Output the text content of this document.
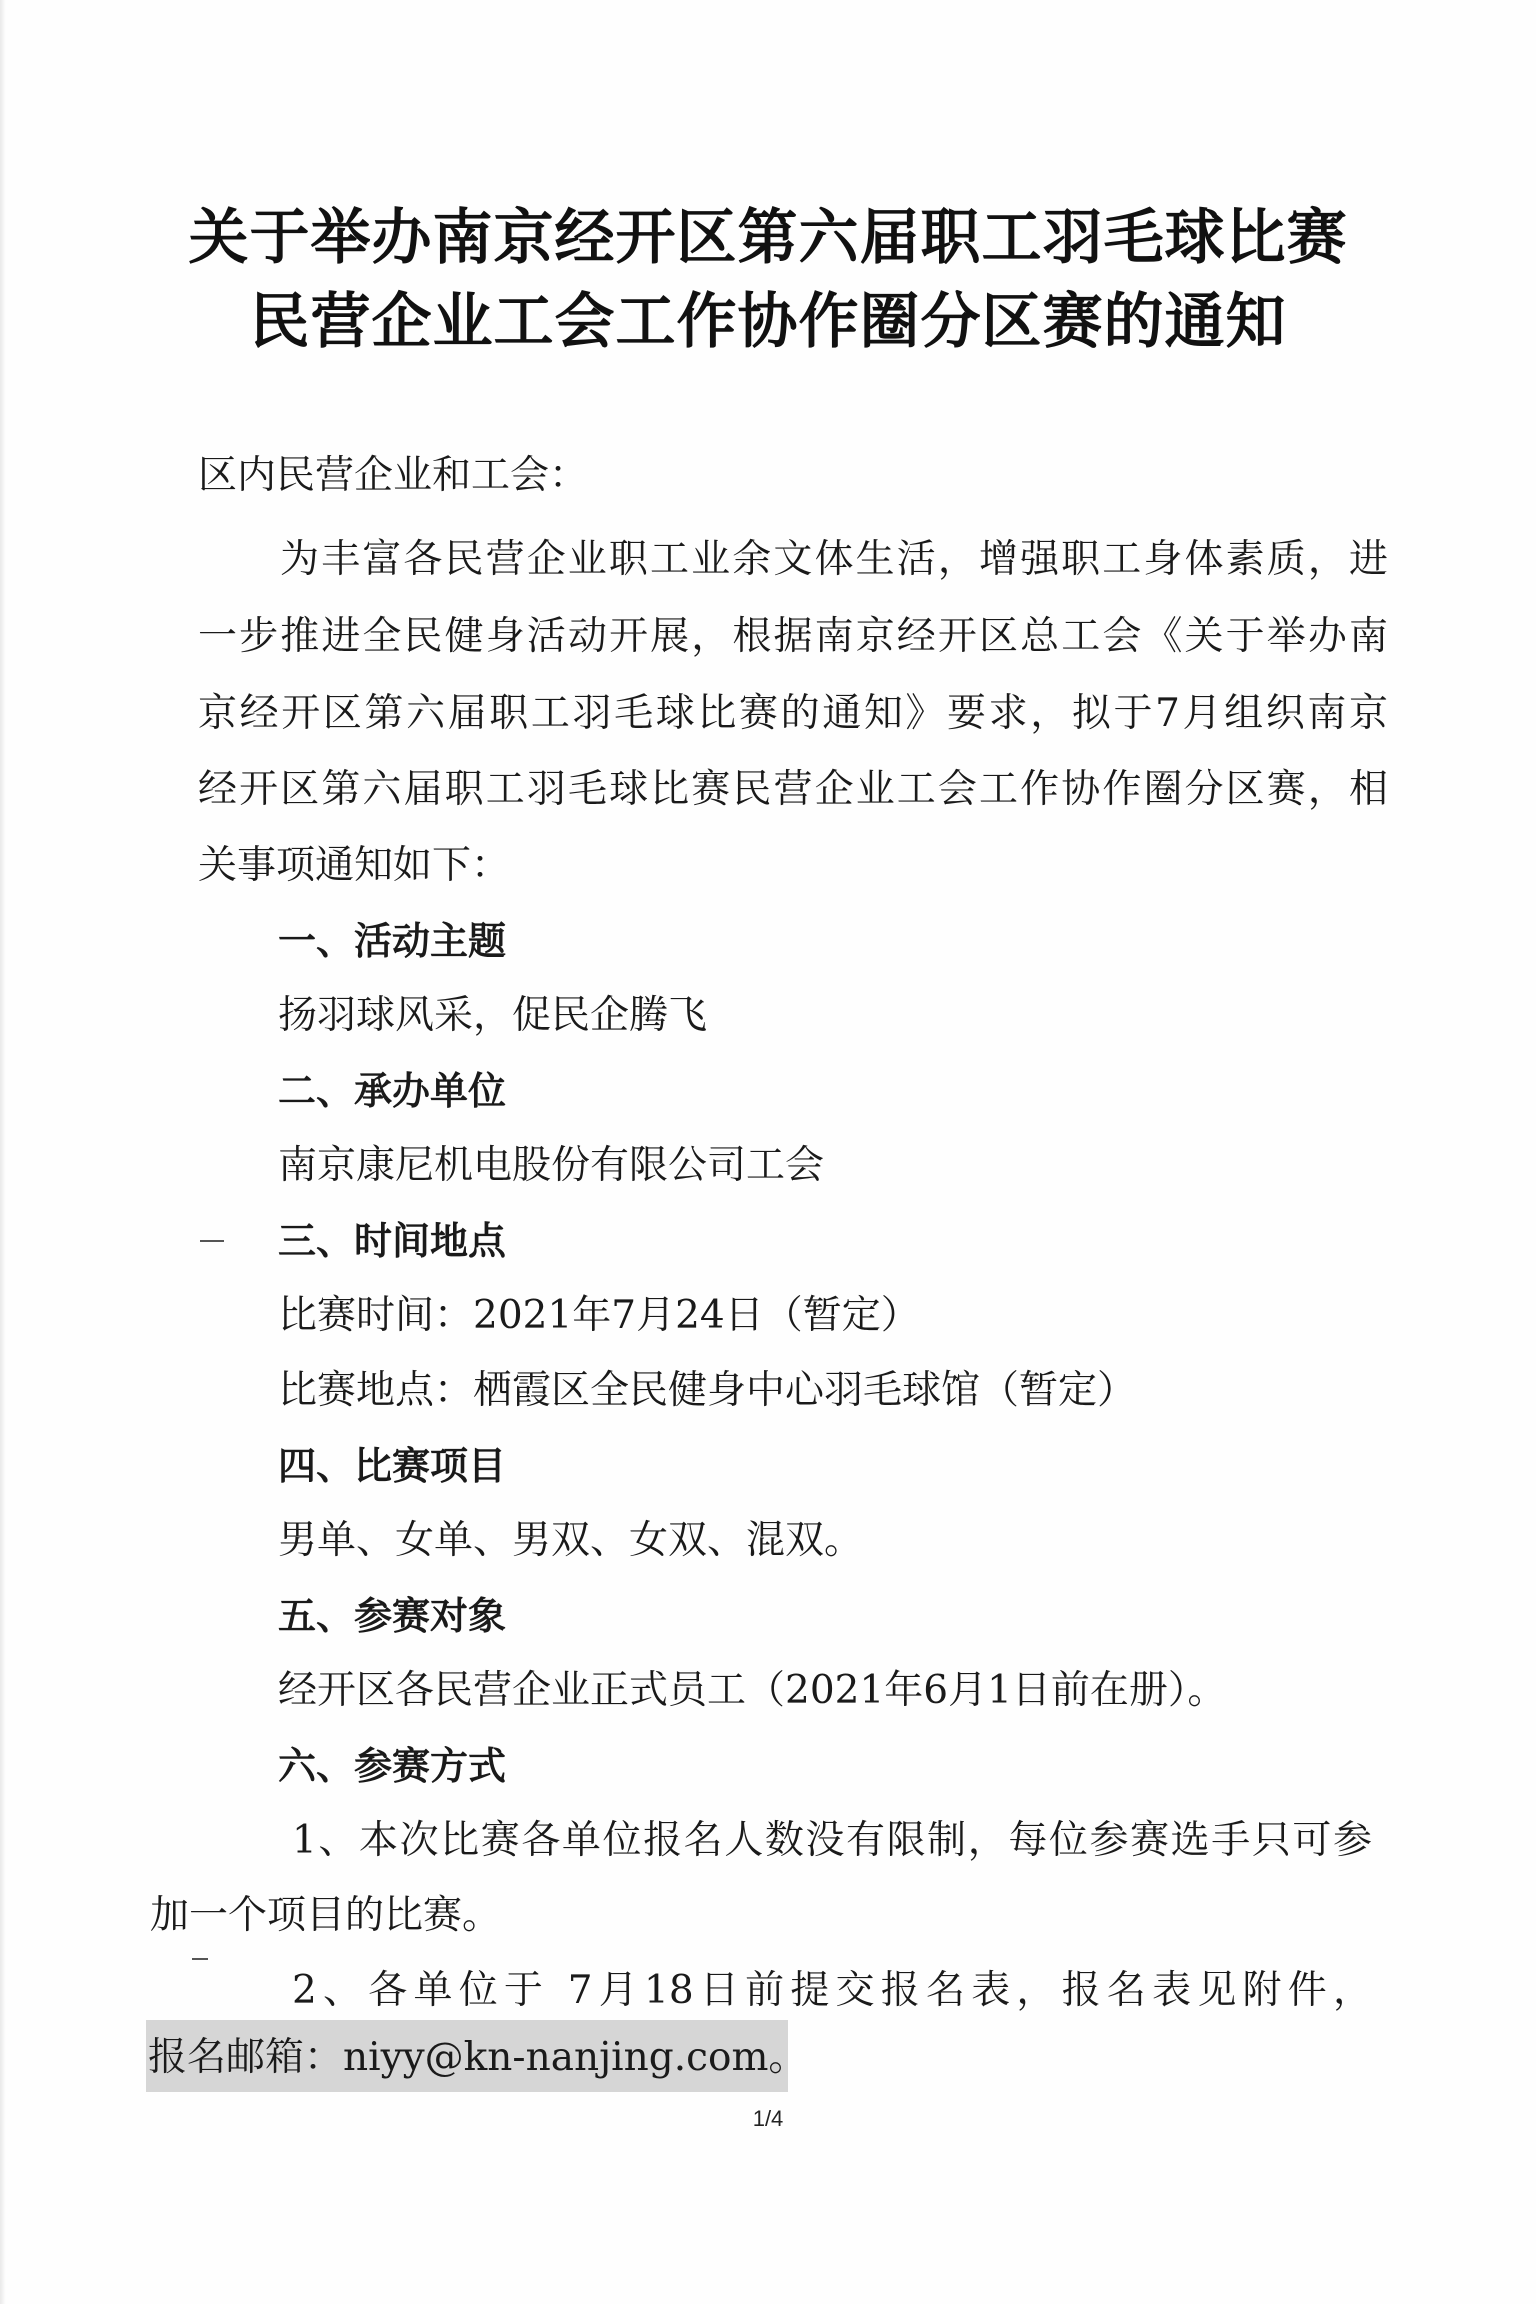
关于举办南京经开区第六届职工羽毛球比赛
民营企业工会工作协作圈分区赛的通知
区内民营企业和工会：
为丰富各民营企业职工业余文体生活，增强职工身体素质，进
一步推进全民健身活动开展，根据南京经开区总工会《关于举办南
京经开区第六届职工羽毛球比赛的通知》要求，拟于7月组织南京
经开区第六届职工羽毛球比赛民营企业工会工作协作圈分区赛，相
关事项通知如下：
一、活动主题
扬羽球风采，促民企腾飞
二、承办单位
南京康尼机电股份有限公司工会
三、时间地点
比赛时间：2021年7月24日（暂定）
比赛地点：栖霞区全民健身中心羽毛球馆（暂定）
四、比赛项目
男单、女单、男双、女双、混双。
五、参赛对象
经开区各民营企业正式员工（2021年6月1日前在册）。
六、参赛方式
1、本次比赛各单位报名人数没有限制，每位参赛选手只可参
加一个项目的比赛。
2、各单位于 7月18日前提交报名表，报名表见附件，
报名邮箱：niyy@kn-nanjing.com。
1/4
